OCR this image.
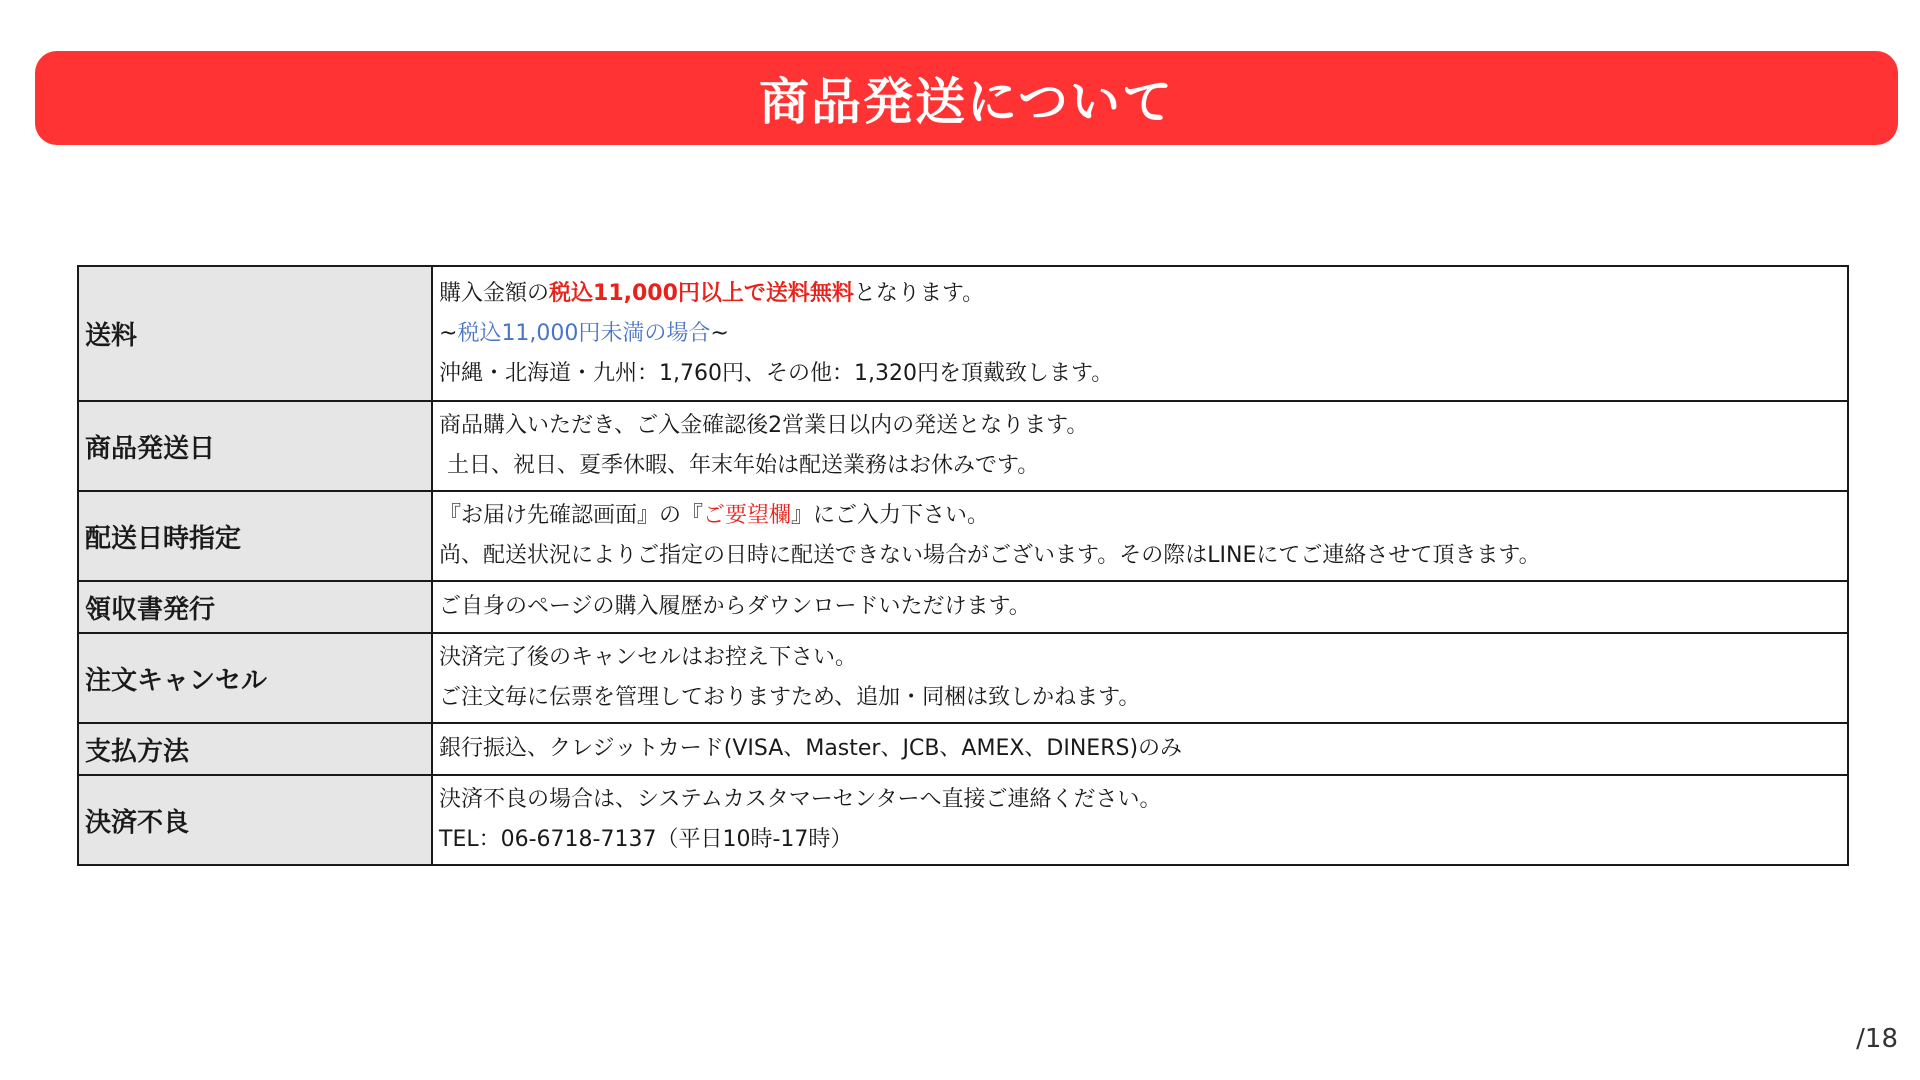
商品発送について
送料	購入金額の税込11,000円以上で送料無料となります。
~税込11,000円未満の場合~
沖縄・北海道・九州：1,760円、その他：1,320円を頂戴致します。

商品発送日	商品購入いただき、ご入金確認後2営業日以内の発送となります。
土日、祝日、夏季休暇、年末年始は配送業務はお休みです。

配送日時指定	『お届け先確認画面』の『ご要望欄』にご入力下さい。
尚、配送状況によりご指定の日時に配送できない場合がございます。その際はLINEにてご連絡させて頂きます。

領収書発行	ご自身のページの購入履歴からダウンロードいただけます。

注文キャンセル	決済完了後のキャンセルはお控え下さい。
ご注文毎に伝票を管理しておりますため、追加・同梱は致しかねます。

支払方法	銀行振込、クレジットカード(VISA、Master、JCB、AMEX、DINERS)のみ

決済不良	決済不良の場合は、システムカスタマーセンターへ直接ご連絡ください。
TEL：06-6718-7137（平日10時-17時）
/18
